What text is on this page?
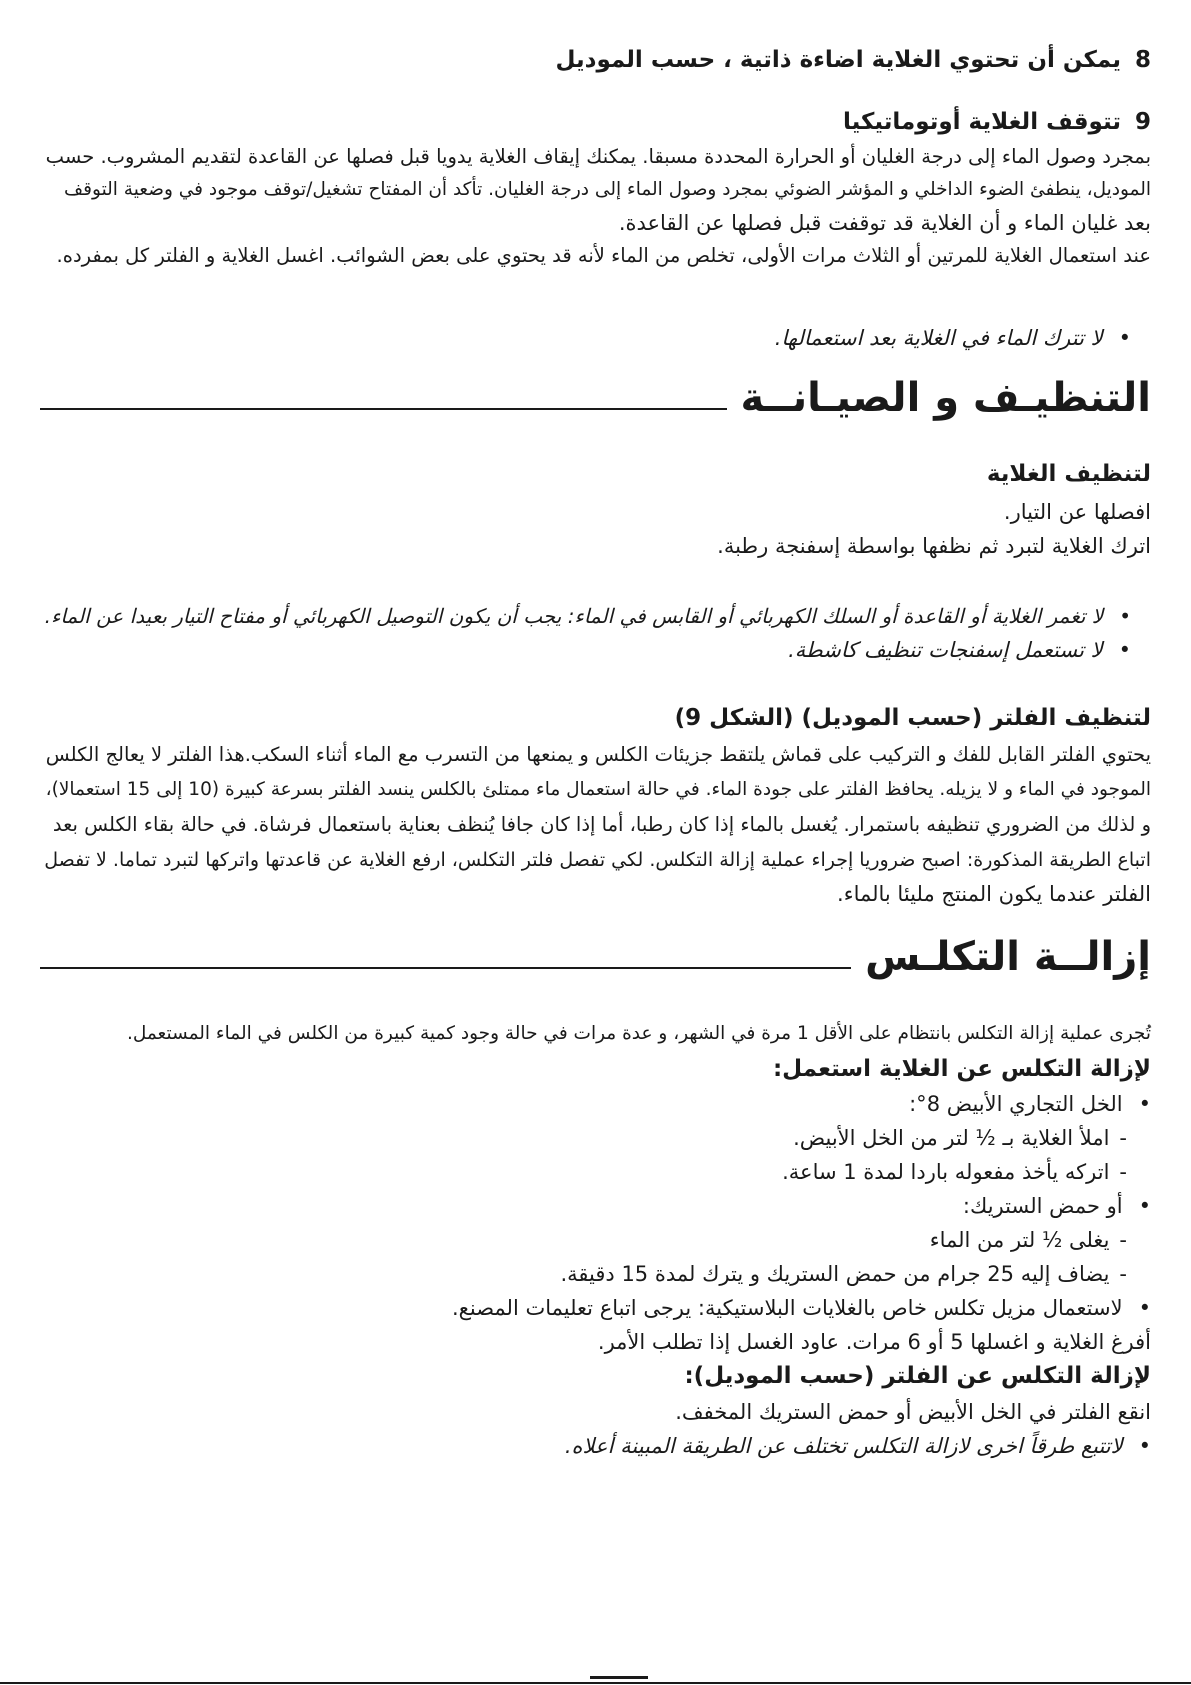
8يمكن أن تحتوي الغلاية اضاءة ذاتية ، حسب الموديل

9تتوقف الغلاية أوتوماتيكيا

بمجرد وصول الماء إلى درجة الغليان أو الحرارة المحددة مسبقا. يمكنك إيقاف الغلاية يدويا قبل فصلها عن القاعدة لتقديم المشروب. حسب

الموديل، ينطفئ الضوء الداخلي و المؤشر الضوئي بمجرد وصول الماء إلى درجة الغليان. تأكد أن المفتاح تشغيل/توقف موجود في وضعية التوقف

بعد غليان الماء و أن الغلاية قد توقفت قبل فصلها عن القاعدة.

عند استعمال الغلاية للمرتين أو الثلاث مرات الأولى، تخلص من الماء لأنه قد يحتوي على بعض الشوائب. اغسل الغلاية و الفلتر كل بمفرده.

•لا تترك الماء في الغلاية بعد استعمالها.

التنظيـف و الصيـانــة

لتنظيف الغلاية

افصلها عن التيار.

اترك الغلاية لتبرد ثم نظفها بواسطة إسفنجة رطبة.

•لا تغمر الغلاية أو القاعدة أو السلك الكهربائي أو القابس في الماء: يجب أن يكون التوصيل الكهربائي أو مفتاح التيار بعيدا عن الماء.

•لا تستعمل إسفنجات تنظيف كاشطة.

لتنظيف الفلتر (حسب الموديل) (الشكل 9)

يحتوي الفلتر القابل للفك و التركيب على قماش يلتقط جزيئات الكلس و يمنعها من التسرب مع الماء أثناء السكب.هذا الفلتر لا يعالج الكلس

الموجود في الماء و لا يزيله. يحافظ الفلتر على جودة الماء. في حالة استعمال ماء ممتلئ بالكلس ينسد الفلتر بسرعة كبيرة (10 إلى 15 استعمالا)،

و لذلك من الضروري تنظيفه باستمرار. يُغسل بالماء إذا كان رطبا، أما إذا كان جافا يُنظف بعناية باستعمال فرشاة. في حالة بقاء الكلس بعد

اتباع الطريقة المذكورة: اصبح ضروريا إجراء عملية إزالة التكلس. لكي تفصل فلتر التكلس، ارفع الغلاية عن قاعدتها واتركها لتبرد تماما. لا تفصل

الفلتر عندما يكون المنتج مليئا بالماء.

إزالــة التكلـس

تُجرى عملية إزالة التكلس بانتظام على الأقل 1 مرة في الشهر، و عدة مرات في حالة وجود كمية كبيرة من الكلس في الماء المستعمل.

لإزالة التكلس عن الغلاية استعمل:

•الخل التجاري الأبيض 8°:

-املأ الغلاية بـ ½ لتر من الخل الأبيض.

-اتركه يأخذ مفعوله باردا لمدة 1 ساعة.

•أو حمض الستريك:

-يغلى ½ لتر من الماء

-يضاف إليه 25 جرام من حمض الستريك و يترك لمدة 15 دقيقة.

•لاستعمال مزيل تكلس خاص بالغلايات البلاستيكية: يرجى اتباع تعليمات المصنع.

أفرغ الغلاية و اغسلها 5 أو 6 مرات. عاود الغسل إذا تطلب الأمر.

لإزالة التكلس عن الفلتر (حسب الموديل):

انقع الفلتر في الخل الأبيض أو حمض الستريك المخفف.

•لاتتبع طرقاً اخرى لازالة التكلس تختلف عن الطريقة المبينة أعلاه.
